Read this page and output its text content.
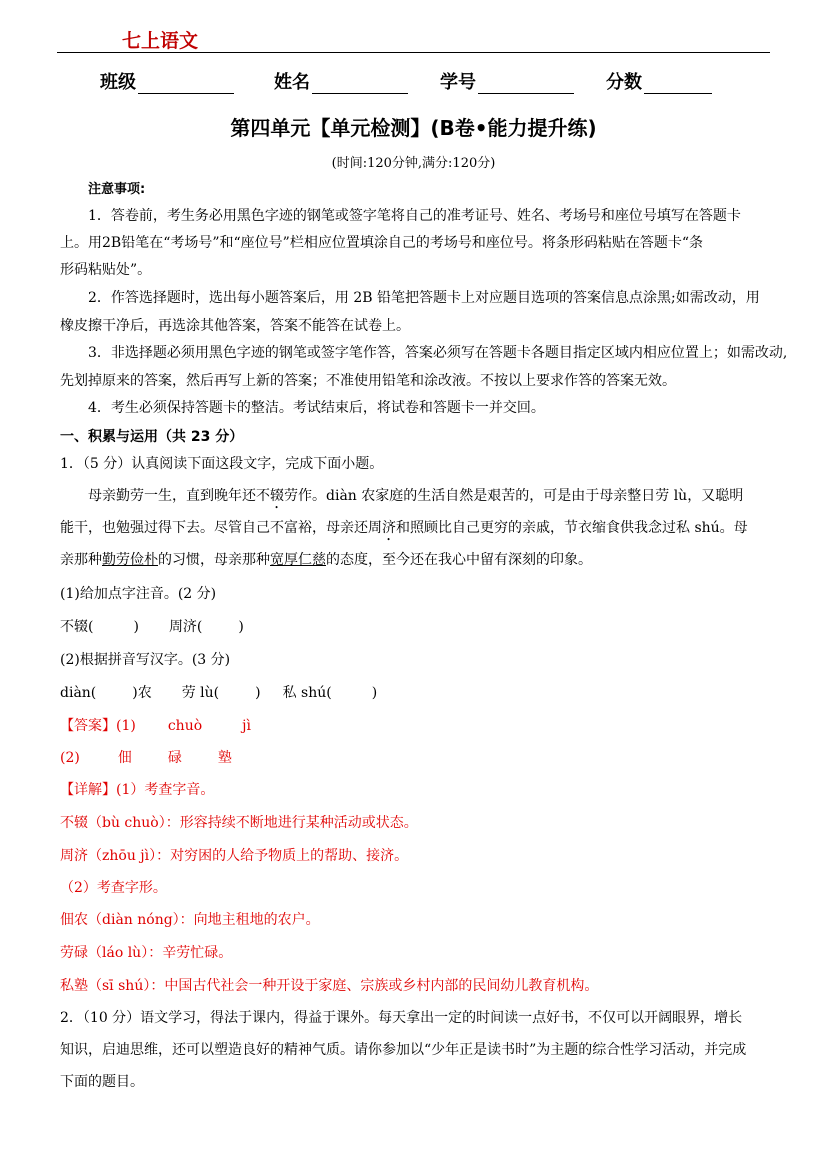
七上语文
班级	姓名	学号	分数
第四单元【单元检测】(B卷•能力提升练)
(时间:120分钟,满分:120分)
注意事项:
1．答卷前，考生务必用黑色字迹的钢笔或签字笔将自己的准考证号、姓名、考场号和座位号填写在答题卡
上。用2B铅笔在“考场号”和“座位号”栏相应位置填涂自己的考场号和座位号。将条形码粘贴在答题卡“条
形码粘贴处”。
2．作答选择题时，选出每小题答案后，用 2B 铅笔把答题卡上对应题目选项的答案信息点涂黑;如需改动，用
橡皮擦干净后，再选涂其他答案，答案不能答在试卷上。
3．非选择题必须用黑色字迹的钢笔或签字笔作答，答案必须写在答题卡各题目指定区域内相应位置上；如需改动,
先划掉原来的答案，然后再写上新的答案；不准使用铅笔和涂改液。不按以上要求作答的答案无效。
4．考生必须保持答题卡的整洁。考试结束后，将试卷和答题卡一并交回。
一、积累与运用（共 23 分）
1．（5 分）认真阅读下面这段文字，完成下面小题。
母亲勤劳一生，直到晚年还不辍劳作。diàn 农家庭的生活自然是艰苦的，可是由于母亲整日劳 lù，又聪明
能干，也勉强过得下去。尽管自己不富裕，母亲还周济和照顾比自己更穷的亲戚，节衣缩食供我念过私 shú。母
亲那种勤劳俭朴的习惯，母亲那种宽厚仁慈的态度，至今还在我心中留有深刻的印象。
(1)给加点字注音。(2 分)
不辍(	) 周济(	)
(2)根据拼音写汉字。(3 分)
diàn(	)农 劳 lù(	) 私 shú(	)
【答案】(1) chuò	jì
(2)	佃	碌	塾
【详解】(1）考查字音。
不辍（bù chuò）：形容持续不断地进行某种活动或状态。
周济（zhōu jì）：对穷困的人给予物质上的帮助、接济。
（2）考查字形。
佃农（diàn nóng）：向地主租地的农户。
劳碌（láo lù）：辛劳忙碌。
私塾（sī shú）：中国古代社会一种开设于家庭、宗族或乡村内部的民间幼儿教育机构。
2．（10 分）语文学习，得法于课内，得益于课外。每天拿出一定的时间读一点好书，不仅可以开阔眼界，增长
知识，启迪思维，还可以塑造良好的精神气质。请你参加以“少年正是读书时”为主题的综合性学习活动，并完成
下面的题目。
